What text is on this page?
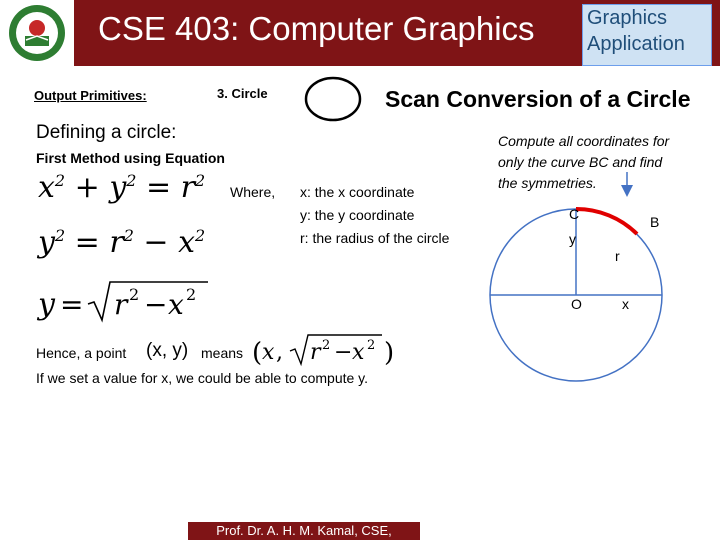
CSE 403: Computer Graphics	Graphics
Application
Output Primitives:	3. Circle	Scan Conversion of a Circle
Defining a circle:
First Method using Equation
$x^2 + y^2 = r^2$
$y^2 = r^2 - x^2$
y = r 2 − x 2
Where, x: the x coordinate
y: the y coordinate
r: the radius of the circle
Compute all coordinates for
only the curve BC and find
the symmetries.
C	B
y
r
O	x
Hence, a point (x, y) means ( x , r 2 − x 2 )
If we set a value for x, we could be able to compute y.
Prof. Dr. A. H. M. Kamal, CSE,
